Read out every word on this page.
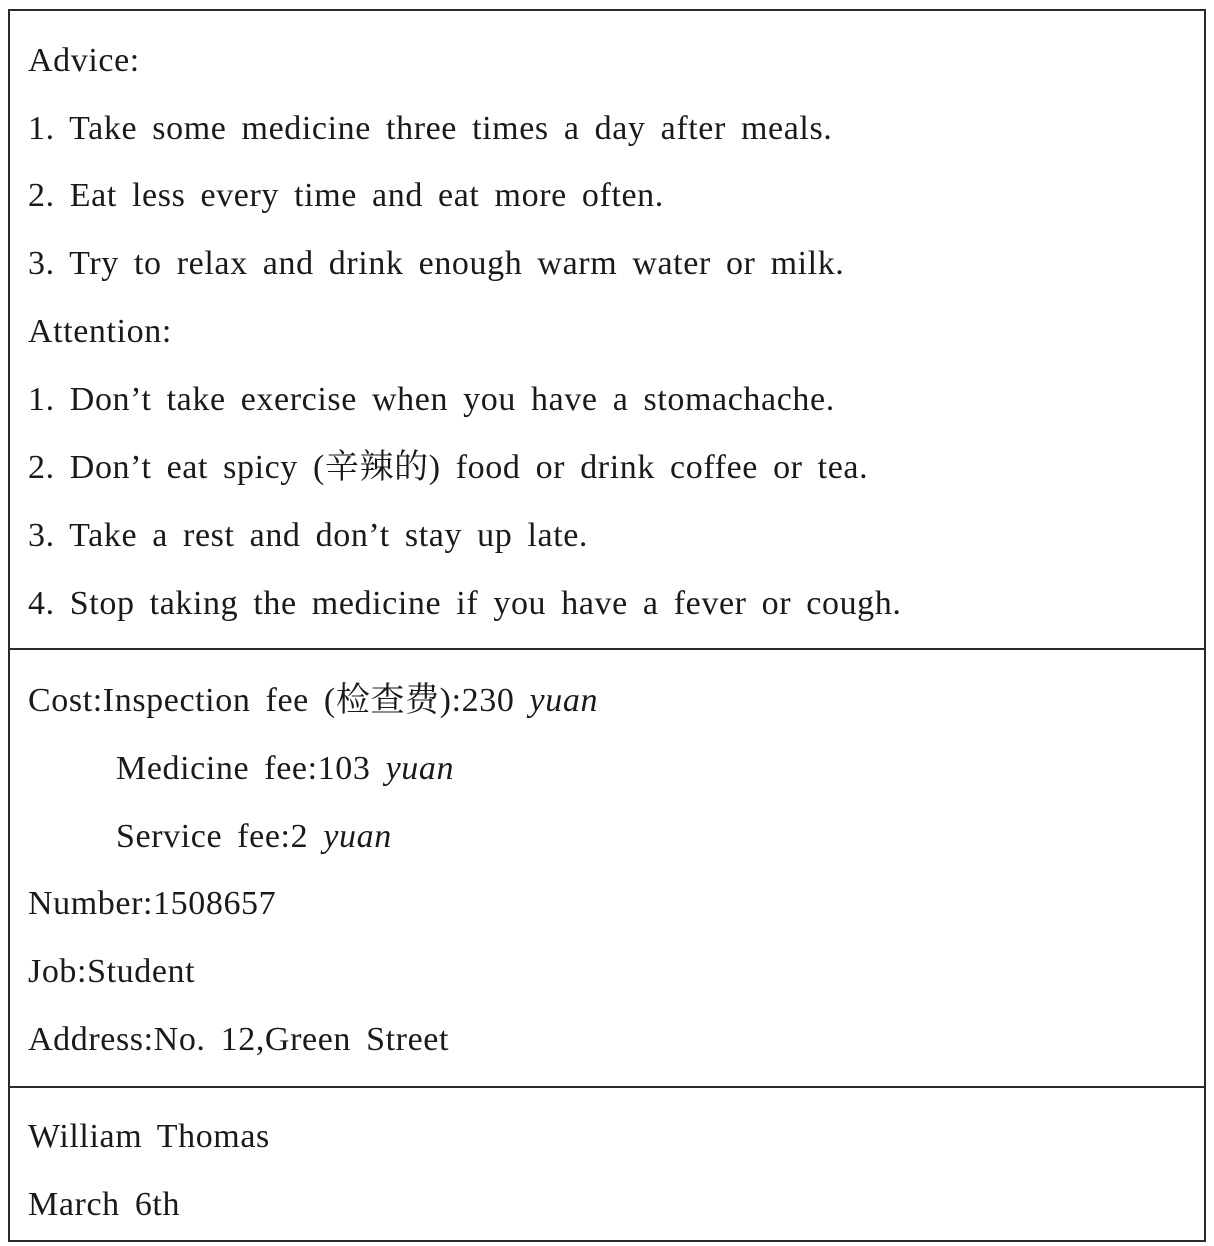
Advice:
1. Take some medicine three times a day after meals.
2. Eat less every time and eat more often.
3. Try to relax and drink enough warm water or milk.
Attention:
1. Don’t take exercise when you have a stomachache.
2. Don’t eat spicy (辛辣的) food or drink coffee or tea.
3. Take a rest and don’t stay up late.
4. Stop taking the medicine if you have a fever or cough.
Cost:Inspection fee (检查费):230 yuan
Medicine fee:103 yuan
Service fee:2 yuan
Number:1508657
Job:Student
Address:No. 12,Green Street
William Thomas
March 6th
